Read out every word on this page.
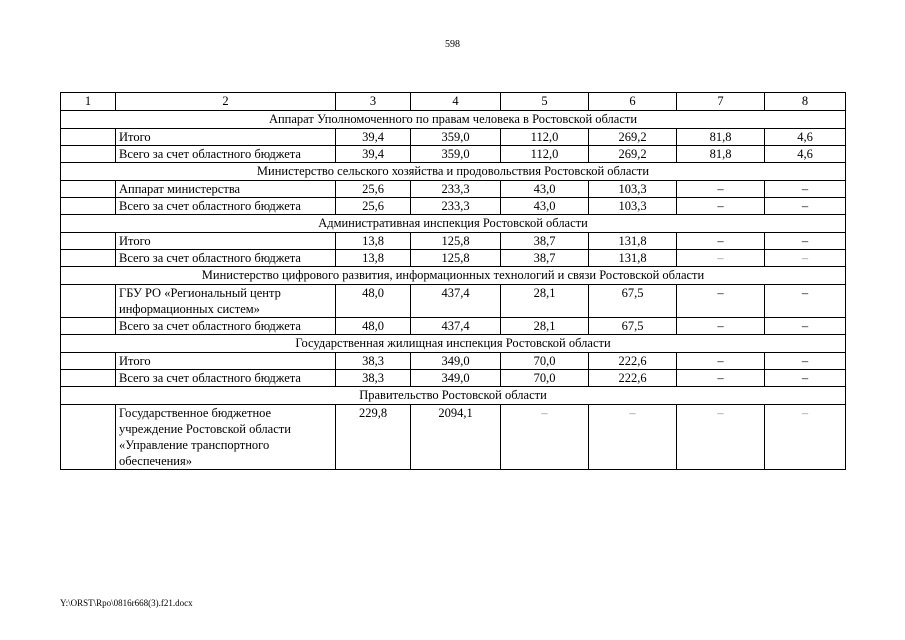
598
1	2	3	4	5	6	7	8
Аппарат Уполномоченного по правам человека в Ростовской области							
	Итого	39,4	359,0	112,0	269,2	81,8	4,6
	Всего за счет областного бюджета	39,4	359,0	112,0	269,2	81,8	4,6
Министерство сельского хозяйства и продовольствия Ростовской области							
	Аппарат министерства	25,6	233,3	43,0	103,3	–	–
	Всего за счет областного бюджета	25,6	233,3	43,0	103,3	–	–
Административная инспекция Ростовской области							
	Итого	13,8	125,8	38,7	131,8	–	–
	Всего за счет областного бюджета	13,8	125,8	38,7	131,8	–	–
Министерство цифрового развития, информационных технологий и связи Ростовской области							
	ГБУ РО «Региональный центр информационных систем»	48,0	437,4	28,1	67,5	–	–
	Всего за счет областного бюджета	48,0	437,4	28,1	67,5	–	–
Государственная жилищная инспекция Ростовской области							
	Итого	38,3	349,0	70,0	222,6	–	–
	Всего за счет областного бюджета	38,3	349,0	70,0	222,6	–	–
Правительство Ростовской области							
	Государственное бюджетное учреждение Ростовской области «Управление транспортного обеспечения»	229,8	2094,1	–	–	–	–
Y:\ORST\Rpo\0816r668(3).f21.docx
